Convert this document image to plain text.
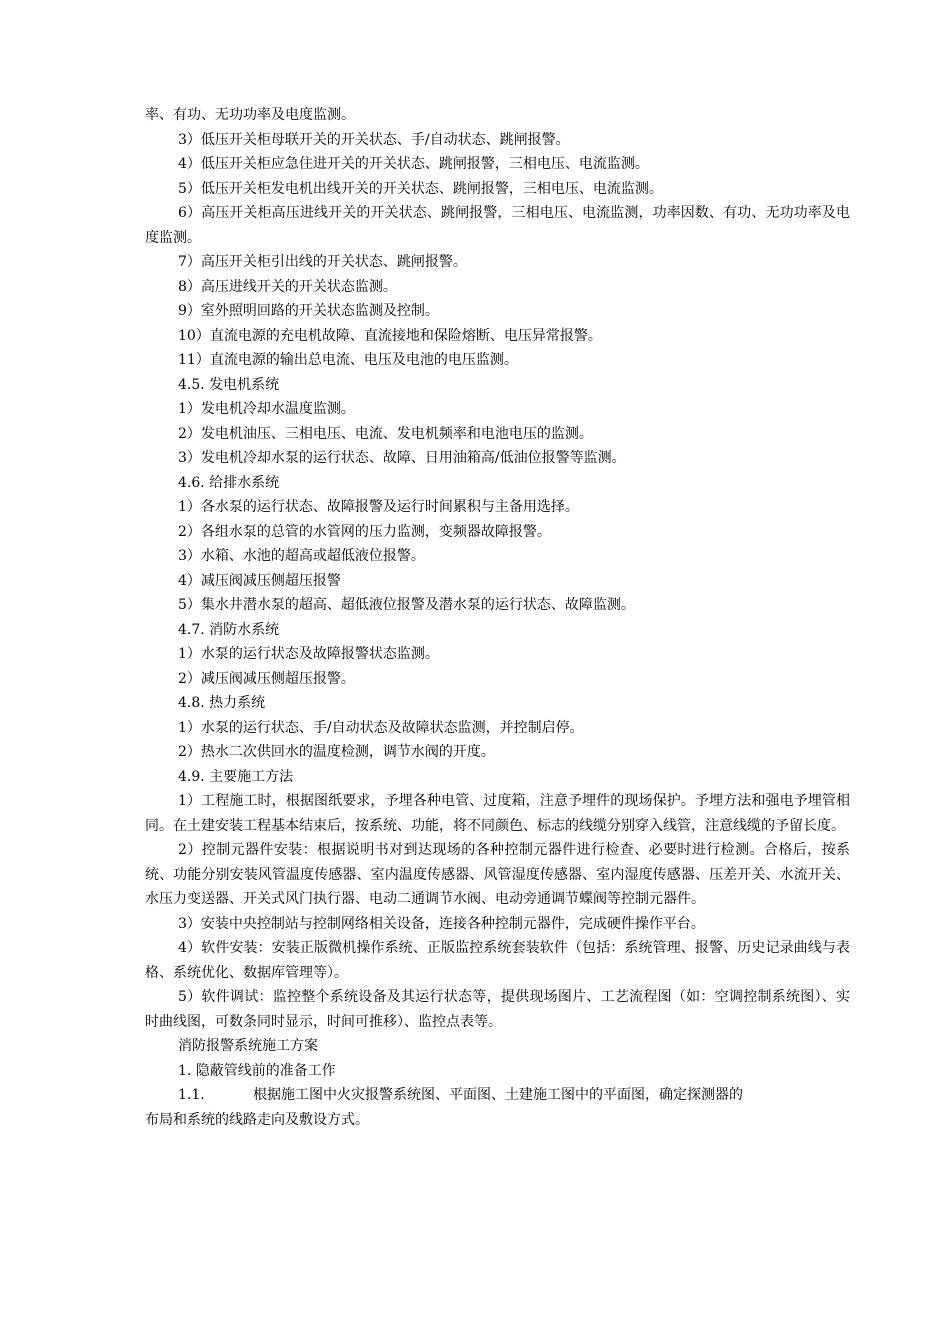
率、有功、无功功率及电度监测。
3）低压开关柜母联开关的开关状态、手/自动状态、跳闸报警。
4）低压开关柜应急住进开关的开关状态、跳闸报警，三相电压、电流监测。
5）低压开关柜发电机出线开关的开关状态、跳闸报警，三相电压、电流监测。
6）高压开关柜高压进线开关的开关状态、跳闸报警，三相电压、电流监测，功率因数、有功、无功功率及电度监测。
7）高压开关柜引出线的开关状态、跳闸报警。
8）高压进线开关的开关状态监测。
9）室外照明回路的开关状态监测及控制。
10）直流电源的充电机故障、直流接地和保险熔断、电压异常报警。
11）直流电源的输出总电流、电压及电池的电压监测。
4.5. 发电机系统
1）发电机冷却水温度监测。
2）发电机油压、三相电压、电流、发电机频率和电池电压的监测。
3）发电机冷却水泵的运行状态、故障、日用油箱高/低油位报警等监测。
4.6. 给排水系统
1）各水泵的运行状态、故障报警及运行时间累积与主备用选择。
2）各组水泵的总管的水管网的压力监测，变频器故障报警。
3）水箱、水池的超高或超低液位报警。
4）减压阀减压侧超压报警
5）集水井潜水泵的超高、超低液位报警及潜水泵的运行状态、故障监测。
4.7. 消防水系统
1）水泵的运行状态及故障报警状态监测。
2）减压阀减压侧超压报警。
4.8. 热力系统
1）水泵的运行状态、手/自动状态及故障状态监测，并控制启停。
2）热水二次供回水的温度检测，调节水阀的开度。
4.9. 主要施工方法
1）工程施工时，根据图纸要求，予埋各种电管、过度箱，注意予埋件的现场保护。予埋方法和强电予埋管相同。在土建安装工程基本结束后，按系统、功能，将不同颜色、标志的线缆分别穿入线管，注意线缆的予留长度。
2）控制元器件安装：根据说明书对到达现场的各种控制元器件进行检查、必要时进行检测。合格后，按系统、功能分别安装风管温度传感器、室内温度传感器、风管湿度传感器、室内湿度传感器、压差开关、水流开关、水压力变送器、开关式风门执行器、电动二通调节水阀、电动旁通调节蝶阀等控制元器件。
3）安装中央控制站与控制网络相关设备，连接各种控制元器件，完成硬件操作平台。
4）软件安装：安装正版微机操作系统、正版监控系统套装软件（包括：系统管理、报警、历史记录曲线与表格、系统优化、数据库管理等）。
5）软件调试：监控整个系统设备及其运行状态等，提供现场图片、工艺流程图（如：空调控制系统图）、实时曲线图，可数条同时显示，时间可推移）、监控点表等。
消防报警系统施工方案
1. 隐蔽管线前的准备工作
1.1.	根据施工图中火灾报警系统图、平面图、土建施工图中的平面图，确定探测器的
布局和系统的线路走向及敷设方式。
